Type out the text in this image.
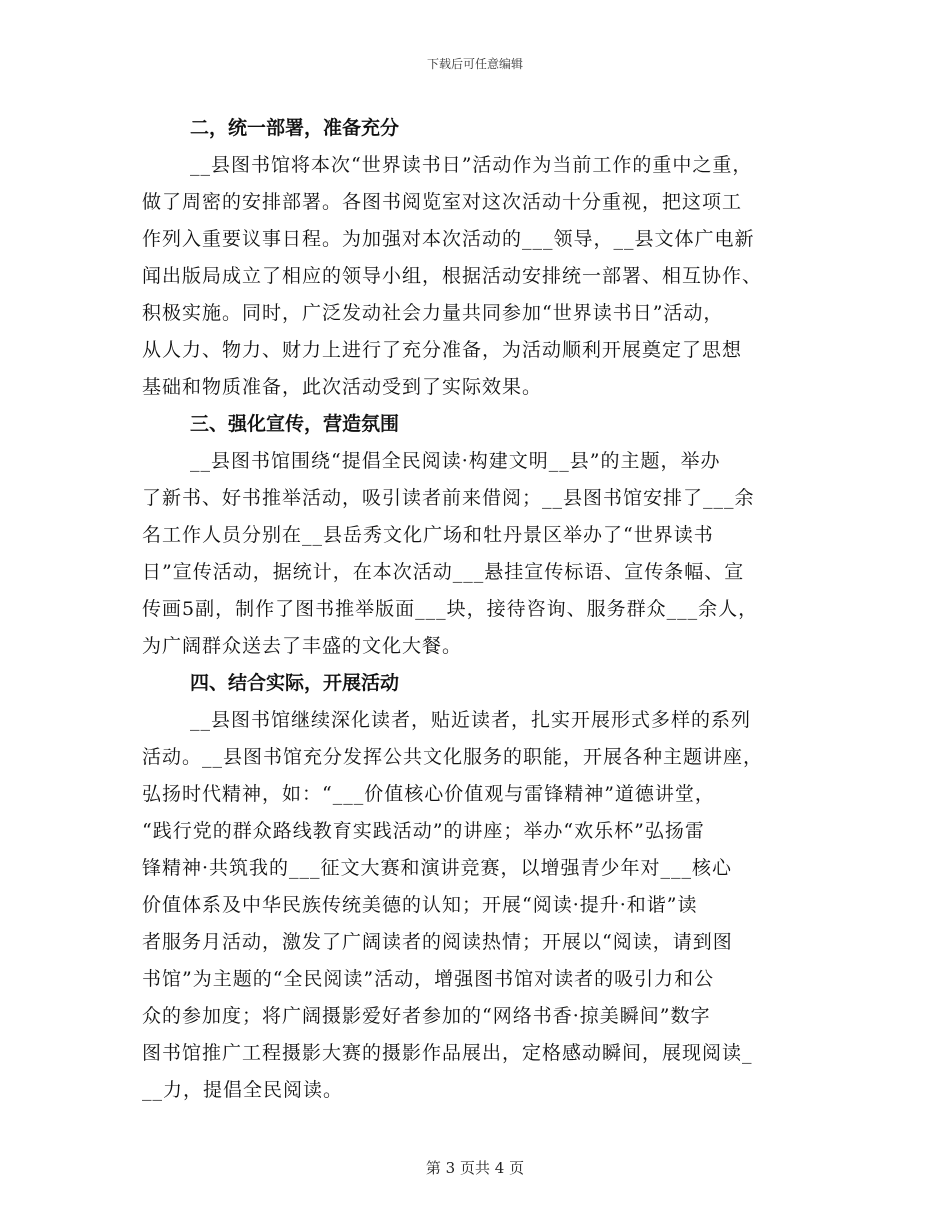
下载后可任意编辑
二，统一部署，准备充分
__县图书馆将本次“世界读书日”活动作为当前工作的重中之重，
做了周密的安排部署。各图书阅览室对这次活动十分重视，把这项工
作列入重要议事日程。为加强对本次活动的___领导，__县文体广电新
闻出版局成立了相应的领导小组，根据活动安排统一部署、相互协作、
积极实施。同时，广泛发动社会力量共同参加“世界读书日”活动，
从人力、物力、财力上进行了充分准备，为活动顺利开展奠定了思想
基础和物质准备，此次活动受到了实际效果。
三、强化宣传，营造氛围
__县图书馆围绕“提倡全民阅读·构建文明__县”的主题，举办
了新书、好书推举活动，吸引读者前来借阅；__县图书馆安排了___余
名工作人员分别在__县岳秀文化广场和牡丹景区举办了“世界读书
日”宣传活动，据统计，在本次活动___悬挂宣传标语、宣传条幅、宣
传画5副，制作了图书推举版面___块，接待咨询、服务群众___余人，
为广阔群众送去了丰盛的文化大餐。
四、结合实际，开展活动
__县图书馆继续深化读者，贴近读者，扎实开展形式多样的系列
活动。__县图书馆充分发挥公共文化服务的职能，开展各种主题讲座，
弘扬时代精神，如：“___价值核心价值观与雷锋精神”道德讲堂，
“践行党的群众路线教育实践活动”的讲座；举办“欢乐杯”弘扬雷
锋精神·共筑我的___征文大赛和演讲竞赛，以增强青少年对___核心
价值体系及中华民族传统美德的认知；开展“阅读·提升·和谐”读
者服务月活动，激发了广阔读者的阅读热情；开展以“阅读，请到图
书馆”为主题的“全民阅读”活动，增强图书馆对读者的吸引力和公
众的参加度；将广阔摄影爱好者参加的“网络书香·掠美瞬间”数字
图书馆推广工程摄影大赛的摄影作品展出，定格感动瞬间，展现阅读_
__力，提倡全民阅读。
第 3 页共 4 页
